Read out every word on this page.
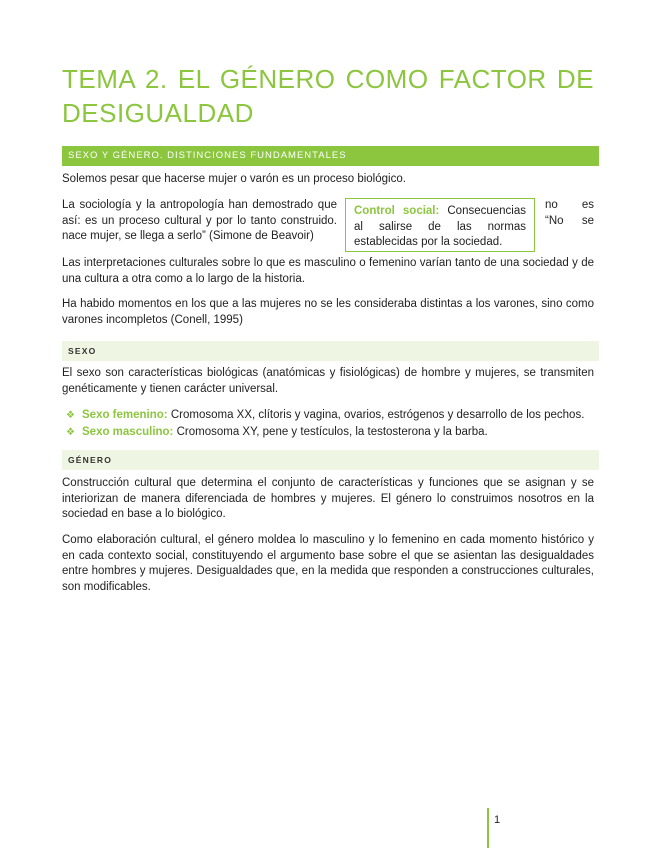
TEMA 2. EL GÉNERO COMO FACTOR DE
DESIGUALDAD
SEXO Y GÉNERO. DISTINCIONES FUNDAMENTALES

Solemos pesar que hacerse mujer o varón es un proceso biológico.

La sociología y la antropología han demostrado que así: es un proceso cultural y por lo tanto construido. nace mujer, se llega a serlo” (Simone de Beavoir)

no es
“No se
Control social: Consecuencias al salirse de las normas establecidas por la sociedad.

Las interpretaciones culturales sobre lo que es masculino o femenino varían tanto de una sociedad y de una cultura a otra como a lo largo de la historia.

Ha habido momentos en los que a las mujeres no se les consideraba distintas a los varones, sino como varones incompletos (Conell, 1995)

SEXO

El sexo son características biológicas (anatómicas y fisiológicas) de hombre y mujeres, se transmiten genéticamente y tienen carácter universal.

❖ Sexo femenino: Cromosoma XX, clítoris y vagina, ovarios, estrógenos y desarrollo de los pechos.
❖ Sexo masculino: Cromosoma XY, pene y testículos, la testosterona y la barba.
GÉNERO

Construcción cultural que determina el conjunto de características y funciones que se asignan y se interiorizan de manera diferenciada de hombres y mujeres. El género lo construimos nosotros en la sociedad en base a lo biológico.

Como elaboración cultural, el género moldea lo masculino y lo femenino en cada momento histórico y en cada contexto social, constituyendo el argumento base sobre el que se asientan las desigualdades entre hombres y mujeres. Desigualdades que, en la medida que responden a construcciones culturales, son modificables.

1
